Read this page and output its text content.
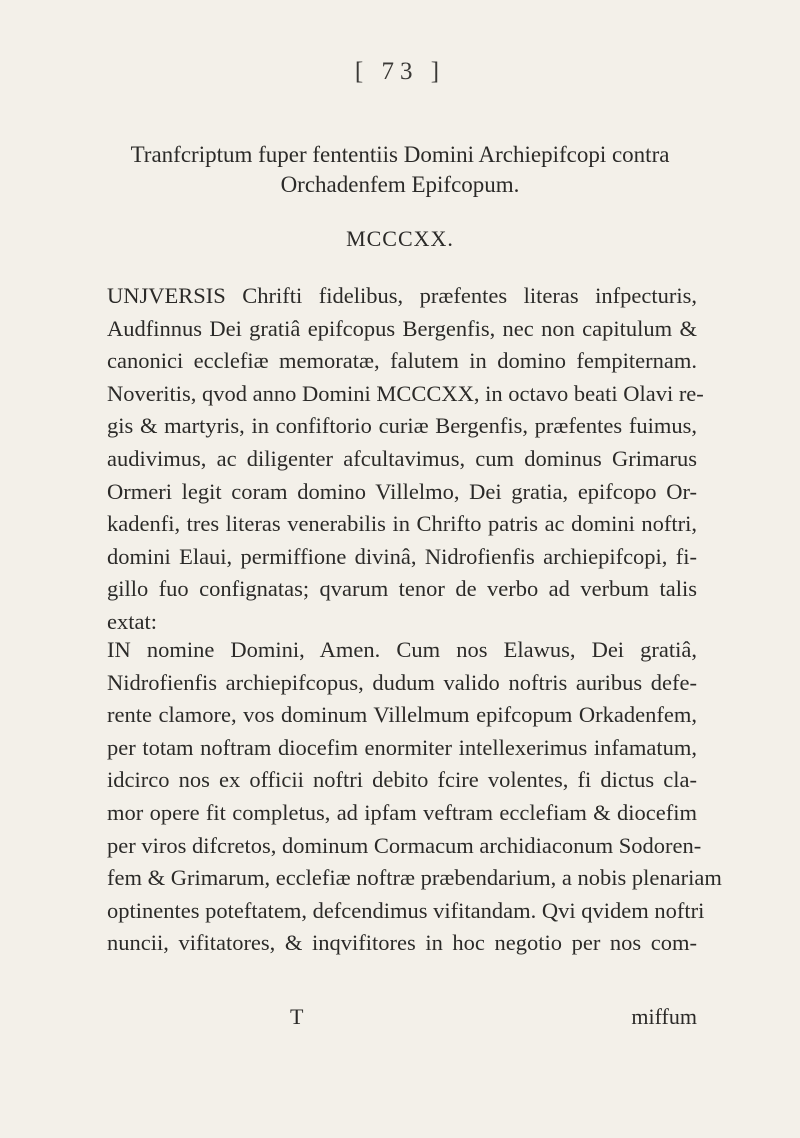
[ 73 ]
Tranfcriptum fuper fententiis Domini Archiepifcopi contra
Orchadenfem Epifcopum.
MCCCXX.
UNJVERSIS Chrifti fidelibus, præfentes literas infpecturis,
Audfinnus Dei gratiâ epifcopus Bergenfis, nec non capitulum &
canonici ecclefiæ memoratæ, falutem in domino fempiternam.
Noveritis, qvod anno Domini MCCCXX, in octavo beati Olavi re-
gis & martyris, in confiftorio curiæ Bergenfis, præfentes fuimus,
audivimus, ac diligenter afcultavimus, cum dominus Grimarus
Ormeri legit coram domino Villelmo, Dei gratia, epifcopo Or-
kadenfi, tres literas venerabilis in Chrifto patris ac domini noftri,
domini Elaui, permiffione divinâ, Nidrofienfis archiepifcopi, fi-
gillo fuo confignatas; qvarum tenor de verbo ad verbum talis
extat:
IN nomine Domini, Amen. Cum nos Elawus, Dei gratiâ,
Nidrofienfis archiepifcopus, dudum valido noftris auribus defe-
rente clamore, vos dominum Villelmum epifcopum Orkadenfem,
per totam noftram diocefim enormiter intellexerimus infamatum,
idcirco nos ex officii noftri debito fcire volentes, fi dictus cla-
mor opere fit completus, ad ipfam veftram ecclefiam & diocefim
per viros difcretos, dominum Cormacum archidiaconum Sodoren-
fem & Grimarum, ecclefiæ noftræ præbendarium, a nobis plenariam
optinentes poteftatem, defcendimus vifitandam. Qvi qvidem noftri
nuncii, vifitatores, & inqvifitores in hoc negotio per nos com-
T	miffum
